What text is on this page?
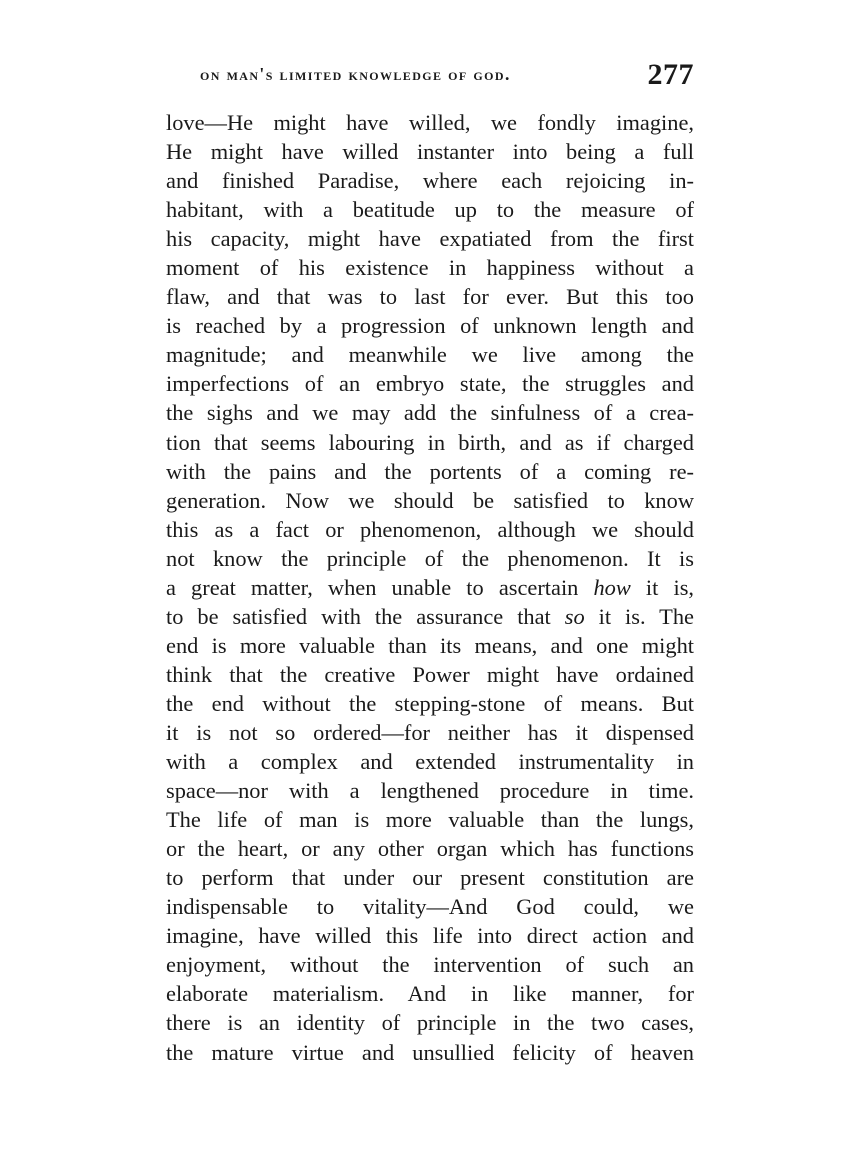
on man's limited knowledge of god.	277
love—He might have willed, we fondly imagine,
He might have willed instanter into being a full
and finished Paradise, where each rejoicing in-
habitant, with a beatitude up to the measure of
his capacity, might have expatiated from the first
moment of his existence in happiness without a
flaw, and that was to last for ever. But this too
is reached by a progression of unknown length and
magnitude; and meanwhile we live among the
imperfections of an embryo state, the struggles and
the sighs and we may add the sinfulness of a crea-
tion that seems labouring in birth, and as if charged
with the pains and the portents of a coming re-
generation. Now we should be satisfied to know
this as a fact or phenomenon, although we should
not know the principle of the phenomenon. It is
a great matter, when unable to ascertain how it is,
to be satisfied with the assurance that so it is. The
end is more valuable than its means, and one might
think that the creative Power might have ordained
the end without the stepping-stone of means. But
it is not so ordered—for neither has it dispensed
with a complex and extended instrumentality in
space—nor with a lengthened procedure in time.
The life of man is more valuable than the lungs,
or the heart, or any other organ which has functions
to perform that under our present constitution are
indispensable to vitality—And God could, we
imagine, have willed this life into direct action and
enjoyment, without the intervention of such an
elaborate materialism. And in like manner, for
there is an identity of principle in the two cases,
the mature virtue and unsullied felicity of heaven
